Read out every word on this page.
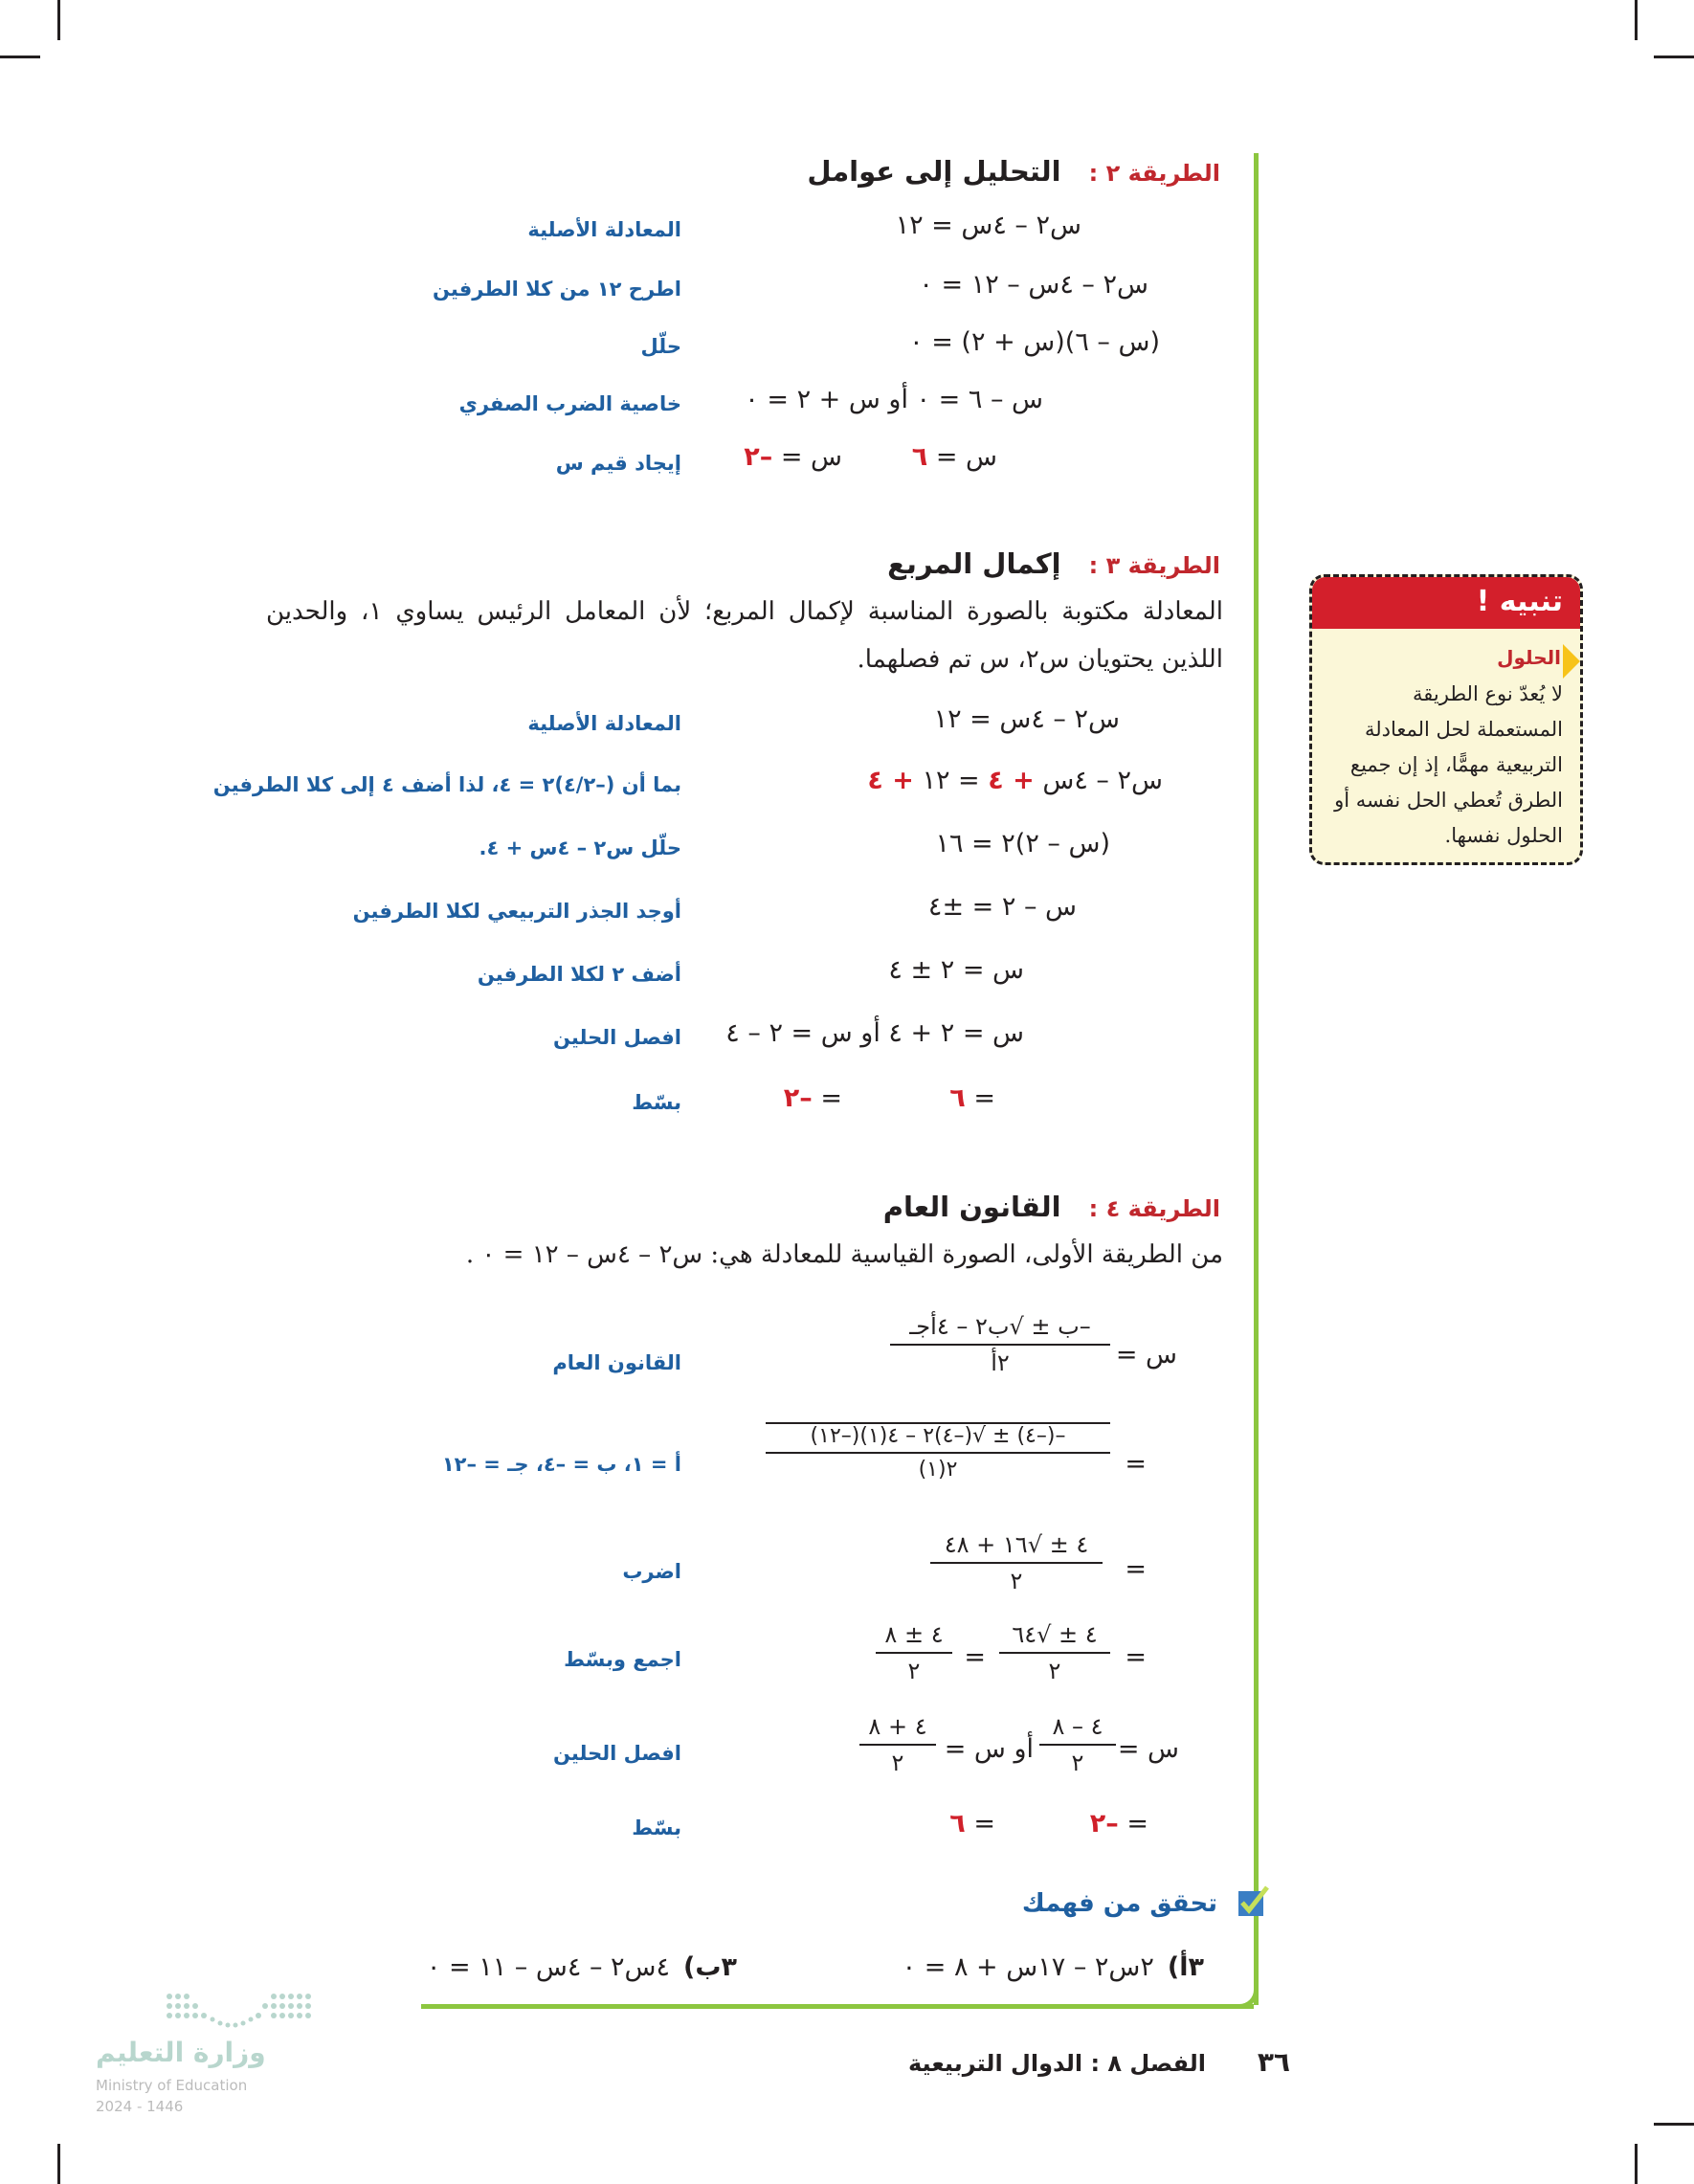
الطريقة ٢ : التحليل إلى عوامل
س٢ – ٤س = ١٢
المعادلة الأصلية
س٢ – ٤س – ١٢ = ٠
اطرح ١٢ من كلا الطرفين
(س – ٦)(س + ٢) = ٠
حلّل
س – ٦ = ٠ أو س + ٢ = ٠
خاصية الضرب الصفري
س = ٦
س = –٢
إيجاد قيم س
الطريقة ٣ : إكمال المربع
المعادلة مكتوبة بالصورة المناسبة لإكمال المربع؛ لأن المعامل الرئيس يساوي ١، والحدين اللذين يحتويان س٢، س تم فصلهما.
س٢ – ٤س = ١٢
المعادلة الأصلية
س٢ – ٤س + ٤ = ١٢ + ٤
بما أن (–٤/٢)٢ = ٤، لذا أضف ٤ إلى كلا الطرفين
(س – ٢)٢ = ١٦
حلّل س٢ – ٤س + ٤.
س – ٢ = ±٤
أوجد الجذر التربيعي لكلا الطرفين
س = ٢ ± ٤
أضف ٢ لكلا الطرفين
س = ٢ + ٤ أو س = ٢ – ٤
افصل الحلين
= ٦
= –٢
بسّط
الطريقة ٤ : القانون العام
من الطريقة الأولى، الصورة القياسية للمعادلة هي: س٢ – ٤س – ١٢ = ٠ .
س =
–ب ± √ب٢ – ٤أجـ
٢أ
القانون العام
=
–(–٤) ± √(–٤)٢ – ٤(١)(–١٢)
٢(١)
أ = ١، ب = –٤، جـ = –١٢
=
٤ ± √١٦ + ٤٨
٢
اضرب
=
٤ ± √٦٤
٢
=
٤ ± ٨
٢
اجمع وبسّط
س =
٤ – ٨
٢
أو س =
٤ + ٨
٢
افصل الحلين
= –٢
= ٦
بسّط
تحقق من فهمك
٣أ)٢س٢ – ١٧س + ٨ = ٠
٣ب)٤س٢ – ٤س – ١١ = ٠
تنبيه !
الحلول
لا يُعدّ نوع الطريقة المستعملة لحل المعادلة التربيعية مهمًّا، إذ إن جميع الطرق تُعطي الحل نفسه أو الحلول نفسها.
وزارة التعليم
Ministry of Education
2024 - 1446
الفصل ٨ : الدوال التربيعية ٣٦
